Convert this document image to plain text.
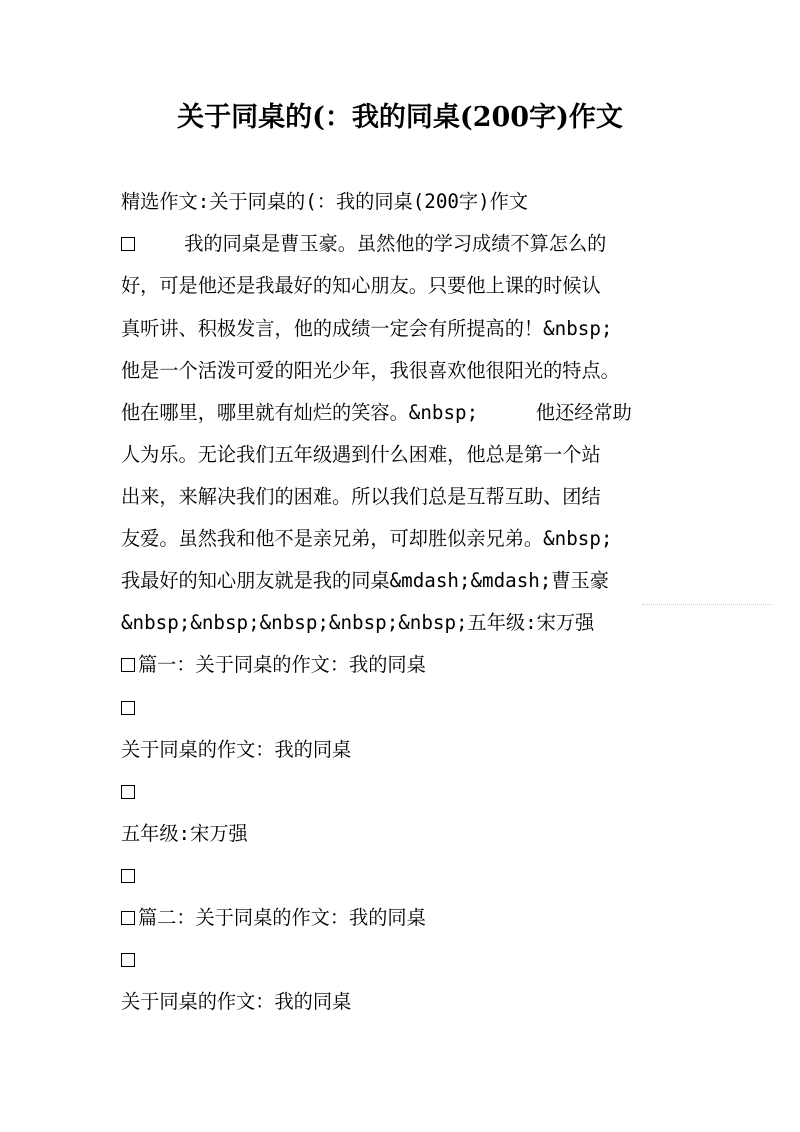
关于同桌的(：我的同桌(200字)作文
精选作文:关于同桌的(：我的同桌(200字)作文
我的同桌是曹玉豪。虽然他的学习成绩不算怎么的
好，可是他还是我最好的知心朋友。只要他上课的时候认
真听讲、积极发言，他的成绩一定会有所提高的！&nbsp;
他是一个活泼可爱的阳光少年，我很喜欢他很阳光的特点。
他在哪里，哪里就有灿烂的笑容。&nbsp;     他还经常助
人为乐。无论我们五年级遇到什么困难，他总是第一个站
出来，来解决我们的困难。所以我们总是互帮互助、团结
友爱。虽然我和他不是亲兄弟，可却胜似亲兄弟。&nbsp;
我最好的知心朋友就是我的同桌&mdash;&mdash;曹玉豪
&nbsp;&nbsp;&nbsp;&nbsp;&nbsp;五年级:宋万强
篇一：关于同桌的作文：我的同桌
关于同桌的作文：我的同桌
五年级:宋万强
篇二：关于同桌的作文：我的同桌
关于同桌的作文：我的同桌
